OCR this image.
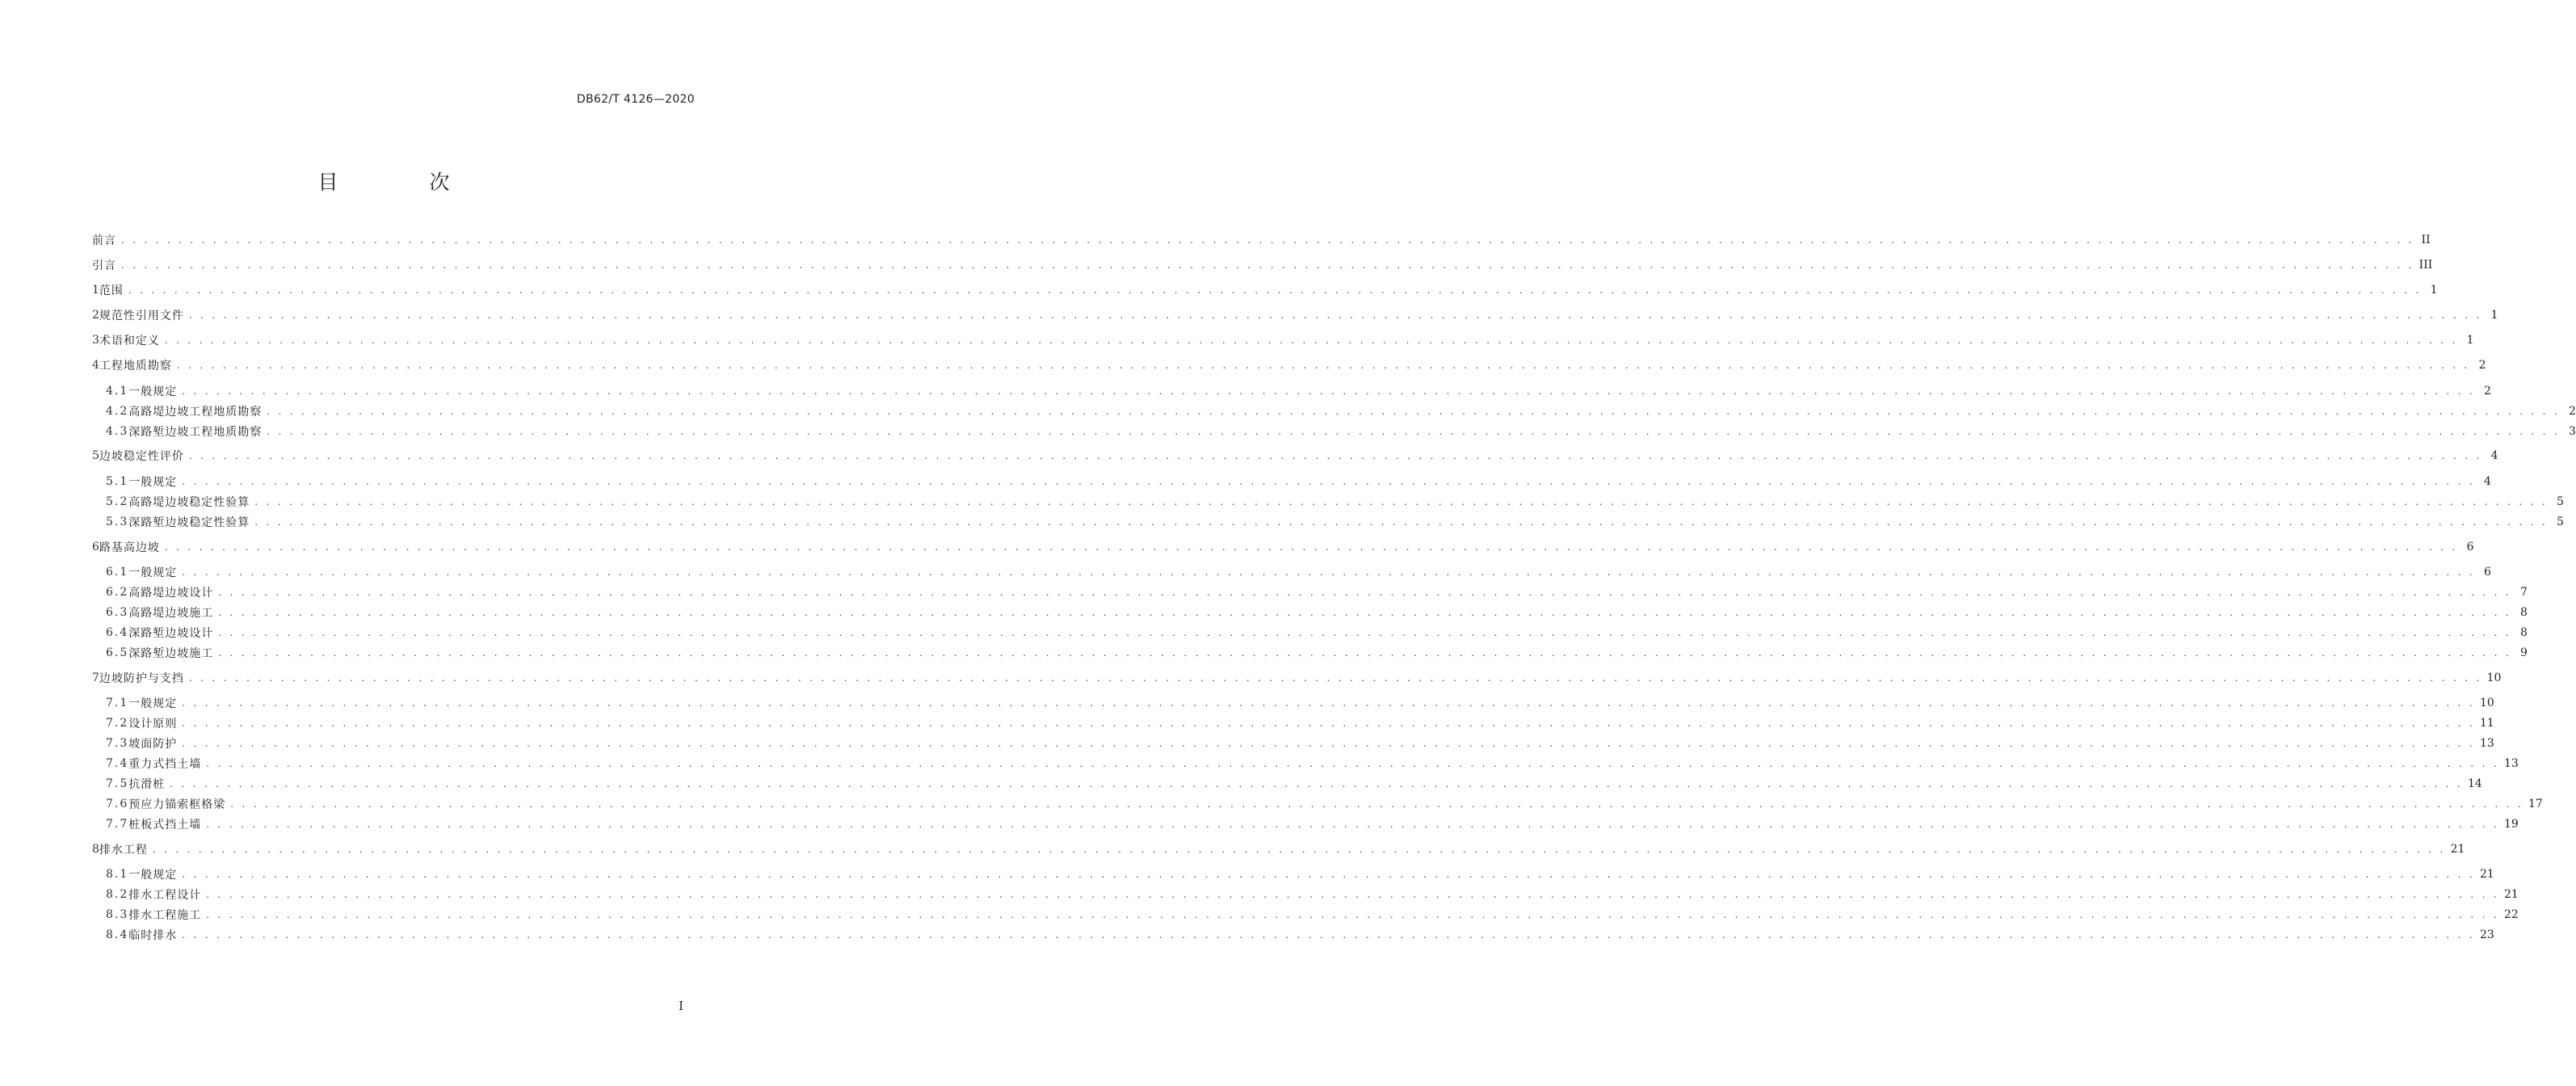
DB62/T 4126—2020
目　次
前言 . . . . . . . . . . . . . . . . . . . . . . . . . . . . . . . . . . . . . . . . . . . . . . . . . . . . . . . . . . . . . . . . . . . . . . . . . . . . . . . . . . . . . . . . . . . . . . . . . . . . . . . . . . . . . . . . . . . . . . . . . . . . . . . . . . . . . . . . . . . . . . . . . . . . . . . . . . . . . . . . . . . . . . . . . . . . . . . . . . . . . . . . . . . . . . . . . . . . . . . . II
引言 . . . . . . . . . . . . . . . . . . . . . . . . . . . . . . . . . . . . . . . . . . . . . . . . . . . . . . . . . . . . . . . . . . . . . . . . . . . . . . . . . . . . . . . . . . . . . . . . . . . . . . . . . . . . . . . . . . . . . . . . . . . . . . . . . . . . . . . . . . . . . . . . . . . . . . . . . . . . . . . . . . . . . . . . . . . . . . . . . . . . . . . . . . . . . . . . . . . . . . . . III
1 范围 . . . . . . . . . . . . . . . . . . . . . . . . . . . . . . . . . . . . . . . . . . . . . . . . . . . . . . . . . . . . . . . . . . . . . . . . . . . . . . . . . . . . . . . . . . . . . . . . . . . . . . . . . . . . . . . . . . . . . . . . . . . . . . . . . . . . . . . . . . . . . . . . . . . . . . . . . . . . . . . . . . . . . . . . . . . . . . . . . . . . . . . . . . . . . . . . . . . . . . . . 1
2 规范性引用文件 . . . . . . . . . . . . . . . . . . . . . . . . . . . . . . . . . . . . . . . . . . . . . . . . . . . . . . . . . . . . . . . . . . . . . . . . . . . . . . . . . . . . . . . . . . . . . . . . . . . . . . . . . . . . . . . . . . . . . . . . . . . . . . . . . . . . . . . . . . . . . . . . . . . . . . . . . . . . . . . . . . . . . . . . . . . . . . . . . . . . . . . . . . . . . . . . . . . . . . . . 1
3 术语和定义 . . . . . . . . . . . . . . . . . . . . . . . . . . . . . . . . . . . . . . . . . . . . . . . . . . . . . . . . . . . . . . . . . . . . . . . . . . . . . . . . . . . . . . . . . . . . . . . . . . . . . . . . . . . . . . . . . . . . . . . . . . . . . . . . . . . . . . . . . . . . . . . . . . . . . . . . . . . . . . . . . . . . . . . . . . . . . . . . . . . . . . . . . . . . . . . . . . . . . . . . 1
4 工程地质勘察 . . . . . . . . . . . . . . . . . . . . . . . . . . . . . . . . . . . . . . . . . . . . . . . . . . . . . . . . . . . . . . . . . . . . . . . . . . . . . . . . . . . . . . . . . . . . . . . . . . . . . . . . . . . . . . . . . . . . . . . . . . . . . . . . . . . . . . . . . . . . . . . . . . . . . . . . . . . . . . . . . . . . . . . . . . . . . . . . . . . . . . . . . . . . . . . . . . . . . . . . 2
4.1 一般规定 . . . . . . . . . . . . . . . . . . . . . . . . . . . . . . . . . . . . . . . . . . . . . . . . . . . . . . . . . . . . . . . . . . . . . . . . . . . . . . . . . . . . . . . . . . . . . . . . . . . . . . . . . . . . . . . . . . . . . . . . . . . . . . . . . . . . . . . . . . . . . . . . . . . . . . . . . . . . . . . . . . . . . . . . . . . . . . . . . . . . . . . . . . . . . . . . . . . . . . . . 2
4.2 高路堤边坡工程地质勘察 . . . . . . . . . . . . . . . . . . . . . . . . . . . . . . . . . . . . . . . . . . . . . . . . . . . . . . . . . . . . . . . . . . . . . . . . . . . . . . . . . . . . . . . . . . . . . . . . . . . . . . . . . . . . . . . . . . . . . . . . . . . . . . . . . . . . . . . . . . . . . . . . . . . . . . . . . . . . . . . . . . . . . . . . . . . . . . . . . . . . . . . . . . . . . . . . . . . . . . . . 2
4.3 深路堑边坡工程地质勘察 . . . . . . . . . . . . . . . . . . . . . . . . . . . . . . . . . . . . . . . . . . . . . . . . . . . . . . . . . . . . . . . . . . . . . . . . . . . . . . . . . . . . . . . . . . . . . . . . . . . . . . . . . . . . . . . . . . . . . . . . . . . . . . . . . . . . . . . . . . . . . . . . . . . . . . . . . . . . . . . . . . . . . . . . . . . . . . . . . . . . . . . . . . . . . . . . . . . . . . . . 3
5 边坡稳定性评价 . . . . . . . . . . . . . . . . . . . . . . . . . . . . . . . . . . . . . . . . . . . . . . . . . . . . . . . . . . . . . . . . . . . . . . . . . . . . . . . . . . . . . . . . . . . . . . . . . . . . . . . . . . . . . . . . . . . . . . . . . . . . . . . . . . . . . . . . . . . . . . . . . . . . . . . . . . . . . . . . . . . . . . . . . . . . . . . . . . . . . . . . . . . . . . . . . . . . . . . . 4
5.1 一般规定 . . . . . . . . . . . . . . . . . . . . . . . . . . . . . . . . . . . . . . . . . . . . . . . . . . . . . . . . . . . . . . . . . . . . . . . . . . . . . . . . . . . . . . . . . . . . . . . . . . . . . . . . . . . . . . . . . . . . . . . . . . . . . . . . . . . . . . . . . . . . . . . . . . . . . . . . . . . . . . . . . . . . . . . . . . . . . . . . . . . . . . . . . . . . . . . . . . . . . . . . 4
5.2 高路堤边坡稳定性验算 . . . . . . . . . . . . . . . . . . . . . . . . . . . . . . . . . . . . . . . . . . . . . . . . . . . . . . . . . . . . . . . . . . . . . . . . . . . . . . . . . . . . . . . . . . . . . . . . . . . . . . . . . . . . . . . . . . . . . . . . . . . . . . . . . . . . . . . . . . . . . . . . . . . . . . . . . . . . . . . . . . . . . . . . . . . . . . . . . . . . . . . . . . . . . . . . . . . . . . . . 5
5.3 深路堑边坡稳定性验算 . . . . . . . . . . . . . . . . . . . . . . . . . . . . . . . . . . . . . . . . . . . . . . . . . . . . . . . . . . . . . . . . . . . . . . . . . . . . . . . . . . . . . . . . . . . . . . . . . . . . . . . . . . . . . . . . . . . . . . . . . . . . . . . . . . . . . . . . . . . . . . . . . . . . . . . . . . . . . . . . . . . . . . . . . . . . . . . . . . . . . . . . . . . . . . . . . . . . . . . . 5
6 路基高边坡 . . . . . . . . . . . . . . . . . . . . . . . . . . . . . . . . . . . . . . . . . . . . . . . . . . . . . . . . . . . . . . . . . . . . . . . . . . . . . . . . . . . . . . . . . . . . . . . . . . . . . . . . . . . . . . . . . . . . . . . . . . . . . . . . . . . . . . . . . . . . . . . . . . . . . . . . . . . . . . . . . . . . . . . . . . . . . . . . . . . . . . . . . . . . . . . . . . . . . . . . 6
6.1 一般规定 . . . . . . . . . . . . . . . . . . . . . . . . . . . . . . . . . . . . . . . . . . . . . . . . . . . . . . . . . . . . . . . . . . . . . . . . . . . . . . . . . . . . . . . . . . . . . . . . . . . . . . . . . . . . . . . . . . . . . . . . . . . . . . . . . . . . . . . . . . . . . . . . . . . . . . . . . . . . . . . . . . . . . . . . . . . . . . . . . . . . . . . . . . . . . . . . . . . . . . . . 6
6.2 高路堤边坡设计 . . . . . . . . . . . . . . . . . . . . . . . . . . . . . . . . . . . . . . . . . . . . . . . . . . . . . . . . . . . . . . . . . . . . . . . . . . . . . . . . . . . . . . . . . . . . . . . . . . . . . . . . . . . . . . . . . . . . . . . . . . . . . . . . . . . . . . . . . . . . . . . . . . . . . . . . . . . . . . . . . . . . . . . . . . . . . . . . . . . . . . . . . . . . . . . . . . . . . . . . 7
6.3 高路堤边坡施工 . . . . . . . . . . . . . . . . . . . . . . . . . . . . . . . . . . . . . . . . . . . . . . . . . . . . . . . . . . . . . . . . . . . . . . . . . . . . . . . . . . . . . . . . . . . . . . . . . . . . . . . . . . . . . . . . . . . . . . . . . . . . . . . . . . . . . . . . . . . . . . . . . . . . . . . . . . . . . . . . . . . . . . . . . . . . . . . . . . . . . . . . . . . . . . . . . . . . . . . . 8
6.4 深路堑边坡设计 . . . . . . . . . . . . . . . . . . . . . . . . . . . . . . . . . . . . . . . . . . . . . . . . . . . . . . . . . . . . . . . . . . . . . . . . . . . . . . . . . . . . . . . . . . . . . . . . . . . . . . . . . . . . . . . . . . . . . . . . . . . . . . . . . . . . . . . . . . . . . . . . . . . . . . . . . . . . . . . . . . . . . . . . . . . . . . . . . . . . . . . . . . . . . . . . . . . . . . . . 8
6.5 深路堑边坡施工 . . . . . . . . . . . . . . . . . . . . . . . . . . . . . . . . . . . . . . . . . . . . . . . . . . . . . . . . . . . . . . . . . . . . . . . . . . . . . . . . . . . . . . . . . . . . . . . . . . . . . . . . . . . . . . . . . . . . . . . . . . . . . . . . . . . . . . . . . . . . . . . . . . . . . . . . . . . . . . . . . . . . . . . . . . . . . . . . . . . . . . . . . . . . . . . . . . . . . . . . 9
7 边坡防护与支挡 . . . . . . . . . . . . . . . . . . . . . . . . . . . . . . . . . . . . . . . . . . . . . . . . . . . . . . . . . . . . . . . . . . . . . . . . . . . . . . . . . . . . . . . . . . . . . . . . . . . . . . . . . . . . . . . . . . . . . . . . . . . . . . . . . . . . . . . . . . . . . . . . . . . . . . . . . . . . . . . . . . . . . . . . . . . . . . . . . . . . . . . . . . . . . . . . . . . . . . . . 10
7.1 一般规定 . . . . . . . . . . . . . . . . . . . . . . . . . . . . . . . . . . . . . . . . . . . . . . . . . . . . . . . . . . . . . . . . . . . . . . . . . . . . . . . . . . . . . . . . . . . . . . . . . . . . . . . . . . . . . . . . . . . . . . . . . . . . . . . . . . . . . . . . . . . . . . . . . . . . . . . . . . . . . . . . . . . . . . . . . . . . . . . . . . . . . . . . . . . . . . . . . . . . . . . . 10
7.2 设计原则 . . . . . . . . . . . . . . . . . . . . . . . . . . . . . . . . . . . . . . . . . . . . . . . . . . . . . . . . . . . . . . . . . . . . . . . . . . . . . . . . . . . . . . . . . . . . . . . . . . . . . . . . . . . . . . . . . . . . . . . . . . . . . . . . . . . . . . . . . . . . . . . . . . . . . . . . . . . . . . . . . . . . . . . . . . . . . . . . . . . . . . . . . . . . . . . . . . . . . . . . 11
7.3 坡面防护 . . . . . . . . . . . . . . . . . . . . . . . . . . . . . . . . . . . . . . . . . . . . . . . . . . . . . . . . . . . . . . . . . . . . . . . . . . . . . . . . . . . . . . . . . . . . . . . . . . . . . . . . . . . . . . . . . . . . . . . . . . . . . . . . . . . . . . . . . . . . . . . . . . . . . . . . . . . . . . . . . . . . . . . . . . . . . . . . . . . . . . . . . . . . . . . . . . . . . . . . 13
7.4 重力式挡土墙 . . . . . . . . . . . . . . . . . . . . . . . . . . . . . . . . . . . . . . . . . . . . . . . . . . . . . . . . . . . . . . . . . . . . . . . . . . . . . . . . . . . . . . . . . . . . . . . . . . . . . . . . . . . . . . . . . . . . . . . . . . . . . . . . . . . . . . . . . . . . . . . . . . . . . . . . . . . . . . . . . . . . . . . . . . . . . . . . . . . . . . . . . . . . . . . . . . . . . . . . 13
7.5 抗滑桩 . . . . . . . . . . . . . . . . . . . . . . . . . . . . . . . . . . . . . . . . . . . . . . . . . . . . . . . . . . . . . . . . . . . . . . . . . . . . . . . . . . . . . . . . . . . . . . . . . . . . . . . . . . . . . . . . . . . . . . . . . . . . . . . . . . . . . . . . . . . . . . . . . . . . . . . . . . . . . . . . . . . . . . . . . . . . . . . . . . . . . . . . . . . . . . . . . . . . . . . . 14
7.6 预应力锚索框格梁 . . . . . . . . . . . . . . . . . . . . . . . . . . . . . . . . . . . . . . . . . . . . . . . . . . . . . . . . . . . . . . . . . . . . . . . . . . . . . . . . . . . . . . . . . . . . . . . . . . . . . . . . . . . . . . . . . . . . . . . . . . . . . . . . . . . . . . . . . . . . . . . . . . . . . . . . . . . . . . . . . . . . . . . . . . . . . . . . . . . . . . . . . . . . . . . . . . . . . . . . 17
7.7 桩板式挡土墙 . . . . . . . . . . . . . . . . . . . . . . . . . . . . . . . . . . . . . . . . . . . . . . . . . . . . . . . . . . . . . . . . . . . . . . . . . . . . . . . . . . . . . . . . . . . . . . . . . . . . . . . . . . . . . . . . . . . . . . . . . . . . . . . . . . . . . . . . . . . . . . . . . . . . . . . . . . . . . . . . . . . . . . . . . . . . . . . . . . . . . . . . . . . . . . . . . . . . . . . . 19
8 排水工程 . . . . . . . . . . . . . . . . . . . . . . . . . . . . . . . . . . . . . . . . . . . . . . . . . . . . . . . . . . . . . . . . . . . . . . . . . . . . . . . . . . . . . . . . . . . . . . . . . . . . . . . . . . . . . . . . . . . . . . . . . . . . . . . . . . . . . . . . . . . . . . . . . . . . . . . . . . . . . . . . . . . . . . . . . . . . . . . . . . . . . . . . . . . . . . . . . . . . . . . . 21
8.1 一般规定 . . . . . . . . . . . . . . . . . . . . . . . . . . . . . . . . . . . . . . . . . . . . . . . . . . . . . . . . . . . . . . . . . . . . . . . . . . . . . . . . . . . . . . . . . . . . . . . . . . . . . . . . . . . . . . . . . . . . . . . . . . . . . . . . . . . . . . . . . . . . . . . . . . . . . . . . . . . . . . . . . . . . . . . . . . . . . . . . . . . . . . . . . . . . . . . . . . . . . . . . 21
8.2 排水工程设计 . . . . . . . . . . . . . . . . . . . . . . . . . . . . . . . . . . . . . . . . . . . . . . . . . . . . . . . . . . . . . . . . . . . . . . . . . . . . . . . . . . . . . . . . . . . . . . . . . . . . . . . . . . . . . . . . . . . . . . . . . . . . . . . . . . . . . . . . . . . . . . . . . . . . . . . . . . . . . . . . . . . . . . . . . . . . . . . . . . . . . . . . . . . . . . . . . . . . . . . . 21
8.3 排水工程施工 . . . . . . . . . . . . . . . . . . . . . . . . . . . . . . . . . . . . . . . . . . . . . . . . . . . . . . . . . . . . . . . . . . . . . . . . . . . . . . . . . . . . . . . . . . . . . . . . . . . . . . . . . . . . . . . . . . . . . . . . . . . . . . . . . . . . . . . . . . . . . . . . . . . . . . . . . . . . . . . . . . . . . . . . . . . . . . . . . . . . . . . . . . . . . . . . . . . . . . . . 22
8.4 临时排水 . . . . . . . . . . . . . . . . . . . . . . . . . . . . . . . . . . . . . . . . . . . . . . . . . . . . . . . . . . . . . . . . . . . . . . . . . . . . . . . . . . . . . . . . . . . . . . . . . . . . . . . . . . . . . . . . . . . . . . . . . . . . . . . . . . . . . . . . . . . . . . . . . . . . . . . . . . . . . . . . . . . . . . . . . . . . . . . . . . . . . . . . . . . . . . . . . . . . . . . . 23
I
